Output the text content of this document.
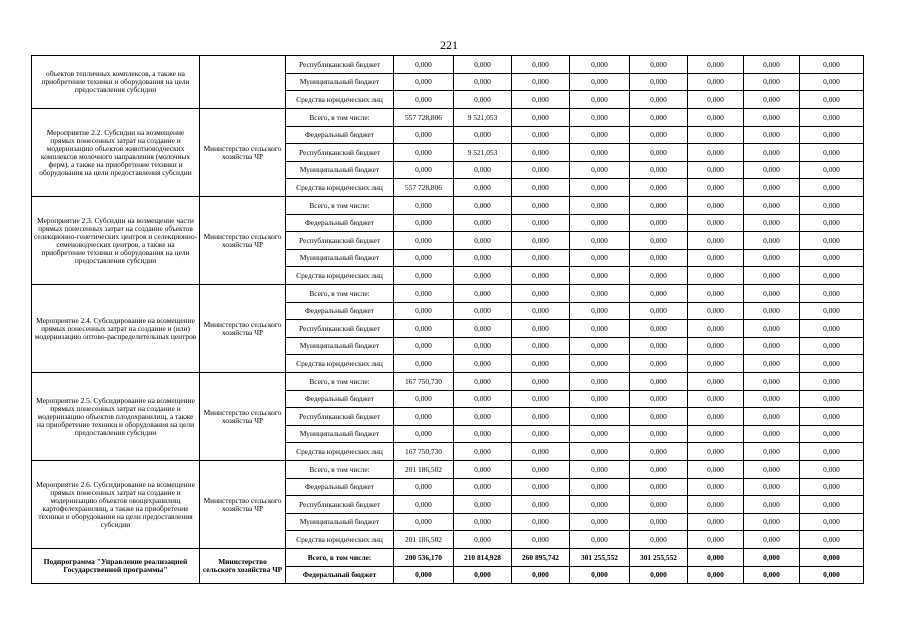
221
объектов тепличных комплексов, а также на приобретение техники и оборудования на цели предоставления субсидии		Республиканский бюджет	0,000	0,000	0,000	0,000	0,000	0,000	0,000	0,000
		Муниципальный бюджет	0,000	0,000	0,000	0,000	0,000	0,000	0,000	0,000
		Средства юридических лиц	0,000	0,000	0,000	0,000	0,000	0,000	0,000	0,000
Мероприятие 2.2. Субсидии на возмещение прямых понесенных затрат на создание и модернизацию объектов животноводческих комплексов молочного направления (молочных ферм), а также на приобретение техники и оборудования на цели предоставления субсидии	Министерство сельского хозяйства ЧР	Всего, в том числе:	557 728,806	9 521,053	0,000	0,000	0,000	0,000	0,000	0,000
		Федеральный бюджет	0,000	0,000	0,000	0,000	0,000	0,000	0,000	0,000
		Республиканский бюджет	0,000	9 521,053	0,000	0,000	0,000	0,000	0,000	0,000
		Муниципальный бюджет	0,000	0,000	0,000	0,000	0,000	0,000	0,000	0,000
		Средства юридических лиц	557 728,806	0,000	0,000	0,000	0,000	0,000	0,000	0,000
Мероприятие 2.3. Субсидии на возмещение части прямых понесенных затрат на создание объектов селекционно-генетических центров и селекционно-семеноводческих центров, а также на приобретение техники и оборудования на цели предоставления субсидии	Министерство сельского хозяйства ЧР	Всего, в том числе:	0,000	0,000	0,000	0,000	0,000	0,000	0,000	0,000
		Федеральный бюджет	0,000	0,000	0,000	0,000	0,000	0,000	0,000	0,000
		Республиканский бюджет	0,000	0,000	0,000	0,000	0,000	0,000	0,000	0,000
		Муниципальный бюджет	0,000	0,000	0,000	0,000	0,000	0,000	0,000	0,000
		Средства юридических лиц	0,000	0,000	0,000	0,000	0,000	0,000	0,000	0,000
Мероприятие 2.4. Субсидирование на возмещение прямых понесенных затрат на создание и (или) модернизацию оптово-распределительных центров	Министерство сельского хозяйства ЧР	Всего, в том числе:	0,000	0,000	0,000	0,000	0,000	0,000	0,000	0,000
		Федеральный бюджет	0,000	0,000	0,000	0,000	0,000	0,000	0,000	0,000
		Республиканский бюджет	0,000	0,000	0,000	0,000	0,000	0,000	0,000	0,000
		Муниципальный бюджет	0,000	0,000	0,000	0,000	0,000	0,000	0,000	0,000
		Средства юридических лиц	0,000	0,000	0,000	0,000	0,000	0,000	0,000	0,000
Мероприятие 2.5. Субсидирование на возмещение прямых понесенных затрат на создание и модернизацию объектов плодохранилищ, а также на приобретение техники и оборудования на цели предоставления субсидии	Министерство сельского хозяйства ЧР	Всего, в том числе:	167 750,730	0,000	0,000	0,000	0,000	0,000	0,000	0,000
		Федеральный бюджет	0,000	0,000	0,000	0,000	0,000	0,000	0,000	0,000
		Республиканский бюджет	0,000	0,000	0,000	0,000	0,000	0,000	0,000	0,000
		Муниципальный бюджет	0,000	0,000	0,000	0,000	0,000	0,000	0,000	0,000
		Средства юридических лиц	167 750,730	0,000	0,000	0,000	0,000	0,000	0,000	0,000
Мероприятие 2.6. Субсидирование на возмещение прямых понесенных затрат на создание и модернизацию объектов овощехранилищ картофелехранилищ, а также на приобретение техники и оборудования на цели предоставления субсидии	Министерство сельского хозяйства ЧР	Всего, в том числе:	201 186,502	0,000	0,000	0,000	0,000	0,000	0,000	0,000
		Федеральный бюджет	0,000	0,000	0,000	0,000	0,000	0,000	0,000	0,000
		Республиканский бюджет	0,000	0,000	0,000	0,000	0,000	0,000	0,000	0,000
		Муниципальный бюджет	0,000	0,000	0,000	0,000	0,000	0,000	0,000	0,000
		Средства юридических лиц	201 186,502	0,000	0,000	0,000	0,000	0,000	0,000	0,000
Подпрограмма "Управление реализацией Государственной программы"	Министерство сельского хозяйства ЧР	Всего, в том числе:	200 536,170	210 814,928	260 895,742	301 255,552	301 255,552	0,000	0,000	0,000
		Федеральный бюджет	0,000	0,000	0,000	0,000	0,000	0,000	0,000	0,000
